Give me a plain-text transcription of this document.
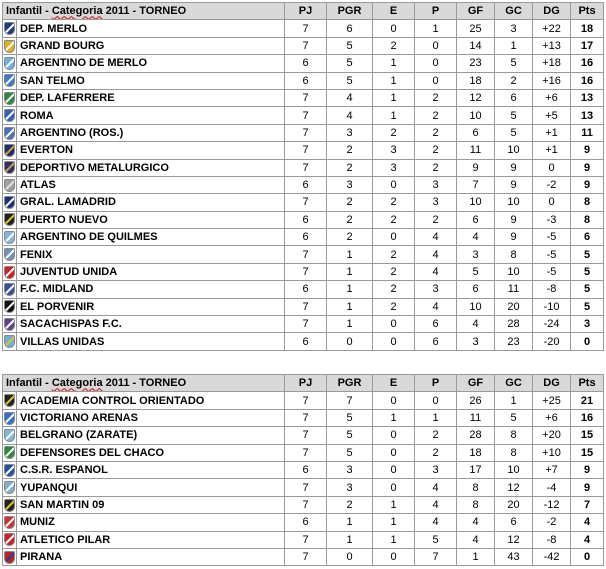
Infantil - Categoria 2011 - TORNEO		PJ	PGR	E	P	GF	GC	DG	Pts
	DEP. MERLO	7	6	0	1	25	3	+22	18
	GRAND BOURG	7	5	2	0	14	1	+13	17
	ARGENTINO DE MERLO	6	5	1	0	23	5	+18	16
	SAN TELMO	6	5	1	0	18	2	+16	16
	DEP. LAFERRERE	7	4	1	2	12	6	+6	13
	ROMA	7	4	1	2	10	5	+5	13
	ARGENTINO (ROS.)	7	3	2	2	6	5	+1	11
	EVERTON	7	2	3	2	11	10	+1	9
	DEPORTIVO METALURGICO	7	2	3	2	9	9	0	9
	ATLAS	6	3	0	3	7	9	-2	9
	GRAL. LAMADRID	7	2	2	3	10	10	0	8
	PUERTO NUEVO	6	2	2	2	6	9	-3	8
	ARGENTINO DE QUILMES	6	2	0	4	4	9	-5	6
	FENIX	7	1	2	4	3	8	-5	5
	JUVENTUD UNIDA	7	1	2	4	5	10	-5	5
	F.C. MIDLAND	6	1	2	3	6	11	-8	5
	EL PORVENIR	7	1	2	4	10	20	-10	5
	SACACHISPAS F.C.	7	1	0	6	4	28	-24	3
	VILLAS UNIDAS	6	0	0	6	3	23	-20	0
Infantil - Categoria 2011 - TORNEO		PJ	PGR	E	P	GF	GC	DG	Pts
	ACADEMIA CONTROL ORIENTADO	7	7	0	0	26	1	+25	21
	VICTORIANO ARENAS	7	5	1	1	11	5	+6	16
	BELGRANO (ZARATE)	7	5	0	2	28	8	+20	15
	DEFENSORES DEL CHACO	7	5	0	2	18	8	+10	15
	C.S.R. ESPANOL	6	3	0	3	17	10	+7	9
	YUPANQUI	7	3	0	4	8	12	-4	9
	SAN MARTIN 09	7	2	1	4	8	20	-12	7
	MUNIZ	6	1	1	4	4	6	-2	4
	ATLETICO PILAR	7	1	1	5	4	12	-8	4
	PIRANA	7	0	0	7	1	43	-42	0
